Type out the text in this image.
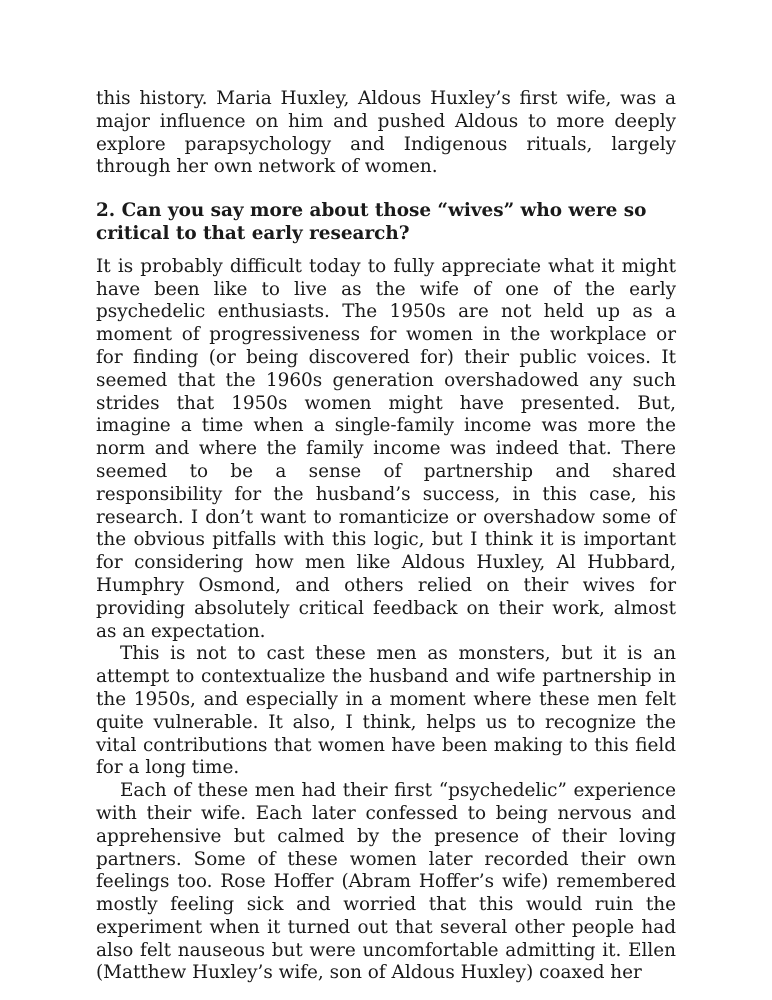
this history. Maria Huxley, Aldous Huxley’s first wife, was a major influence on him and pushed Aldous to more deeply explore parapsychology and Indigenous rituals, largely through her own network of women.

2. Can you say more about those “wives” who were so critical to that early research?

It is probably difficult today to fully appreciate what it might have been like to live as the wife of one of the early psychedelic enthusiasts. The 1950s are not held up as a moment of progressiveness for women in the workplace or for finding (or being discovered for) their public voices. It seemed that the 1960s generation overshadowed any such strides that 1950s women might have presented. But, imagine a time when a single-family income was more the norm and where the family income was indeed that. There seemed to be a sense of partnership and shared responsibility for the husband’s success, in this case, his research. I don’t want to romanticize or overshadow some of the obvious pitfalls with this logic, but I think it is important for considering how men like Aldous Huxley, Al Hubbard, Humphry Osmond, and others relied on their wives for providing absolutely critical feedback on their work, almost as an expectation.

This is not to cast these men as monsters, but it is an attempt to contextualize the husband and wife partnership in the 1950s, and especially in a moment where these men felt quite vulnerable. It also, I think, helps us to recognize the vital contributions that women have been making to this field for a long time.

Each of these men had their first “psychedelic” experience with their wife. Each later confessed to being nervous and apprehensive but calmed by the presence of their loving partners. Some of these women later recorded their own feelings too. Rose Hoffer (Abram Hoffer’s wife) remembered mostly feeling sick and worried that this would ruin the experiment when it turned out that several other people had also felt nauseous but were uncomfortable admitting it. Ellen (Matthew Huxley’s wife, son of Aldous Huxley) coaxed her
